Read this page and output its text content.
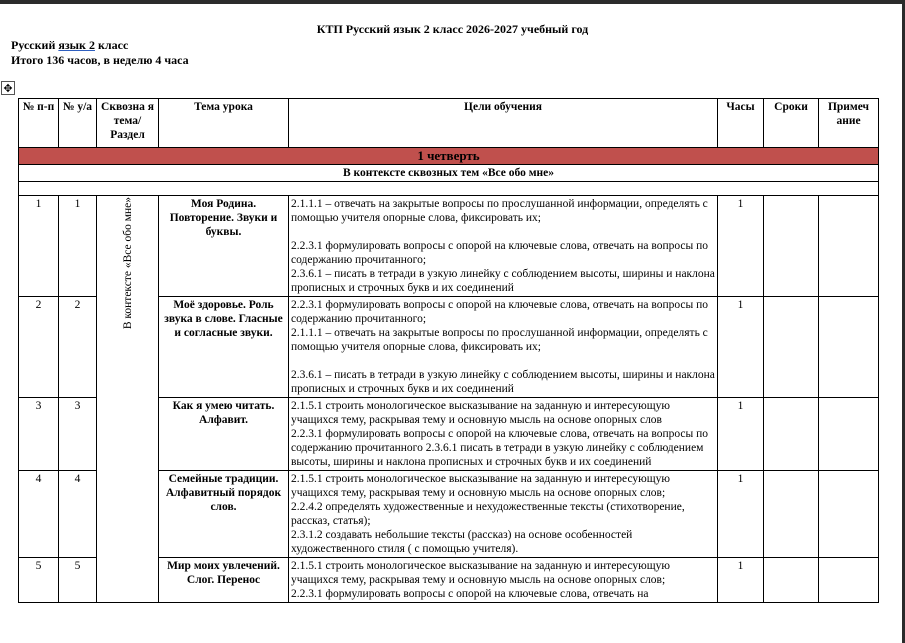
КТП Русский язык 2 класс 2026-2027 учебный год
Русский язык 2 класс
Итого 136 часов, в неделю 4 часа
✥
№ п-п	№ у/а	Сквозна я тема/ Раздел	Тема урока	Цели обучения	Часы	Сроки	Примеч ание
1 четверть							
В контексте сквозных тем «Все обо мне»							

1	1	В контексте «Все обо мне»	Моя Родина. Повторение. Звуки и буквы.	2.1.1.1 – отвечать на закрытые вопросы по прослушанной информации, определять с помощью учителя опорные слова, фиксировать их;

2.2.3.1 формулировать вопросы с опорой на ключевые слова, отвечать на вопросы по содержанию прочитанного;

2.3.6.1 – писать в тетради в узкую линейку с соблюдением высоты, ширины и наклона прописных и строчных букв и их соединений	1		
2	2		Моё здоровье. Роль звука в слове. Гласные и согласные звуки.	2.2.3.1 формулировать вопросы с опорой на ключевые слова, отвечать на вопросы по содержанию прочитанного;

2.1.1.1 – отвечать на закрытые вопросы по прослушанной информации, определять с помощью учителя опорные слова, фиксировать их;

2.3.6.1 – писать в тетради в узкую линейку с соблюдением высоты, ширины и наклона прописных и строчных букв и их соединений	1		
3	3		Как я умею читать. Алфавит.	2.1.5.1 строить монологическое высказывание на заданную и интересующую учащихся тему, раскрывая тему и основную мысль на основе опорных слов

2.2.3.1 формулировать вопросы с опорой на ключевые слова, отвечать на вопросы по содержанию прочитанного 2.3.6.1 писать в тетради в узкую линейку с соблюдением высоты, ширины и наклона прописных и строчных букв и их соединений	1		
4	4		Семейные традиции. Алфавитный порядок слов.	2.1.5.1 строить монологическое высказывание на заданную и интересующую учащихся тему, раскрывая тему и основную мысль на основе опорных слов;

2.2.4.2 определять художественные и нехудожественные тексты (стихотворение, рассказ, статья);

2.3.1.2 создавать небольшие тексты (рассказ) на основе особенностей художественного стиля ( с помощью учителя).	1		
5	5		Мир моих увлечений. Слог. Перенос	2.1.5.1 строить монологическое высказывание на заданную и интересующую учащихся тему, раскрывая тему и основную мысль на основе опорных слов;

2.2.3.1 формулировать вопросы с опорой на ключевые слова, отвечать на	1		
